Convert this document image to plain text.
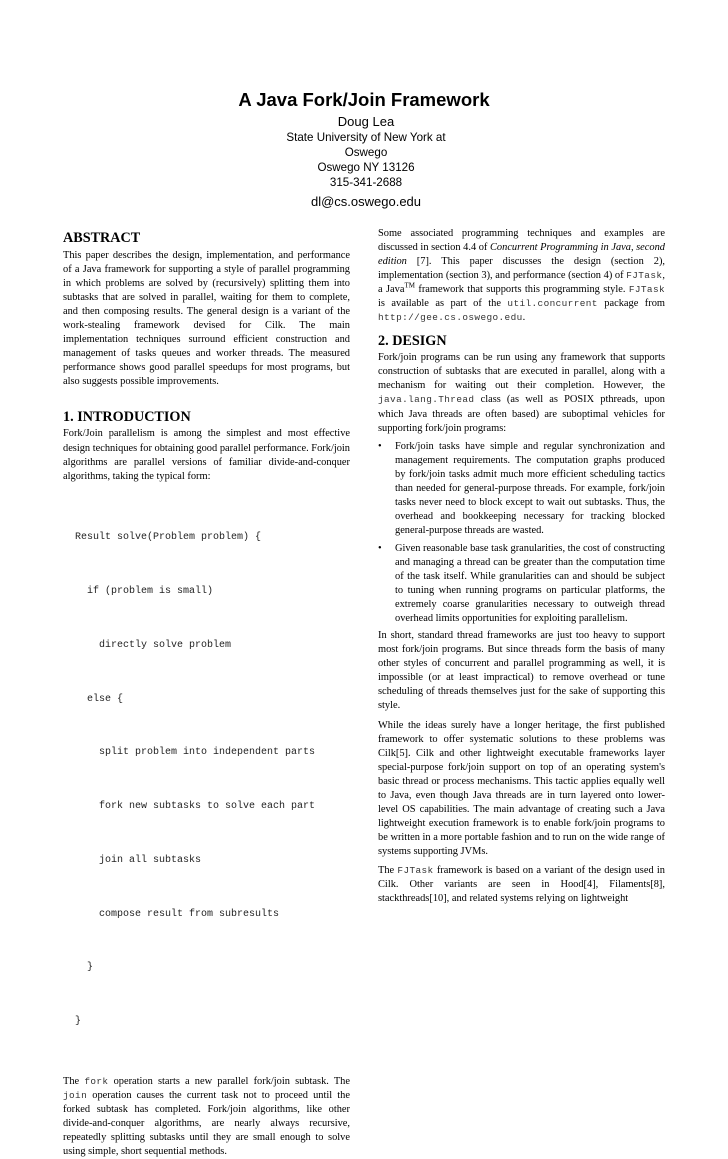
A Java Fork/Join Framework
Doug Lea
State University of New York at
Oswego
Oswego NY 13126
315-341-2688
dl@cs.oswego.edu
ABSTRACT

This paper describes the design, implementation, and performance of a Java framework for supporting a style of parallel programming in which problems are solved by (recursively) splitting them into subtasks that are solved in parallel, waiting for them to complete, and then composing results. The general design is a variant of the work-stealing framework devised for Cilk. The main implementation techniques surround efficient construction and management of tasks queues and worker threads. The measured performance shows good parallel speedups for most programs, but also suggests possible improvements.

1. INTRODUCTION

Fork/Join parallelism is among the simplest and most effective design techniques for obtaining good parallel performance. Fork/join algorithms are parallel versions of familiar divide-and-conquer algorithms, taking the typical form:

Result solve(Problem problem) {

if (problem is small)

directly solve problem

else {

split problem into independent parts

fork new subtasks to solve each part

join all subtasks

compose result from subresults

}

}

The fork operation starts a new parallel fork/join subtask. The join operation causes the current task not to proceed until the forked subtask has completed. Fork/join algorithms, like other divide-and-conquer algorithms, are nearly always recursive, repeatedly splitting subtasks until they are small enough to solve using simple, short sequential methods.

Some associated programming techniques and examples are discussed in section 4.4 of Concurrent Programming in Java, second edition [7]. This paper discusses the design (section 2), implementation (section 3), and performance (section 4) of FJTask, a Java™ framework that supports this programming style. FJTask is available as part of the util.concurrent package from http://gee.cs.oswego.edu.

2. DESIGN

Fork/join programs can be run using any framework that supports construction of subtasks that are executed in parallel, along with a mechanism for waiting out their completion. However, the java.lang.Thread class (as well as POSIX pthreads, upon which Java threads are often based) are suboptimal vehicles for supporting fork/join programs:

• Fork/join tasks have simple and regular synchronization and management requirements. The computation graphs produced by fork/join tasks admit much more efficient scheduling tactics than needed for general-purpose threads. For example, fork/join tasks never need to block except to wait out subtasks. Thus, the overhead and bookkeeping necessary for tracking blocked general-purpose threads are wasted.
• Given reasonable base task granularities, the cost of constructing and managing a thread can be greater than the computation time of the task itself. While granularities can and should be subject to tuning when running programs on particular platforms, the extremely coarse granularities necessary to outweigh thread overhead limits opportunities for exploiting parallelism.

In short, standard thread frameworks are just too heavy to support most fork/join programs. But since threads form the basis of many other styles of concurrent and parallel programming as well, it is impossible (or at least impractical) to remove overhead or tune scheduling of threads themselves just for the sake of supporting this style.

While the ideas surely have a longer heritage, the first published framework to offer systematic solutions to these problems was Cilk[5]. Cilk and other lightweight executable frameworks layer special-purpose fork/join support on top of an operating system's basic thread or process mechanisms. This tactic applies equally well to Java, even though Java threads are in turn layered onto lower-level OS capabilities. The main advantage of creating such a Java lightweight execution framework is to enable fork/join programs to be written in a more portable fashion and to run on the wide range of systems supporting JVMs.

The FJTask framework is based on a variant of the design used in Cilk. Other variants are seen in Hood[4], Filaments[8], stackthreads[10], and related systems relying on lightweight
